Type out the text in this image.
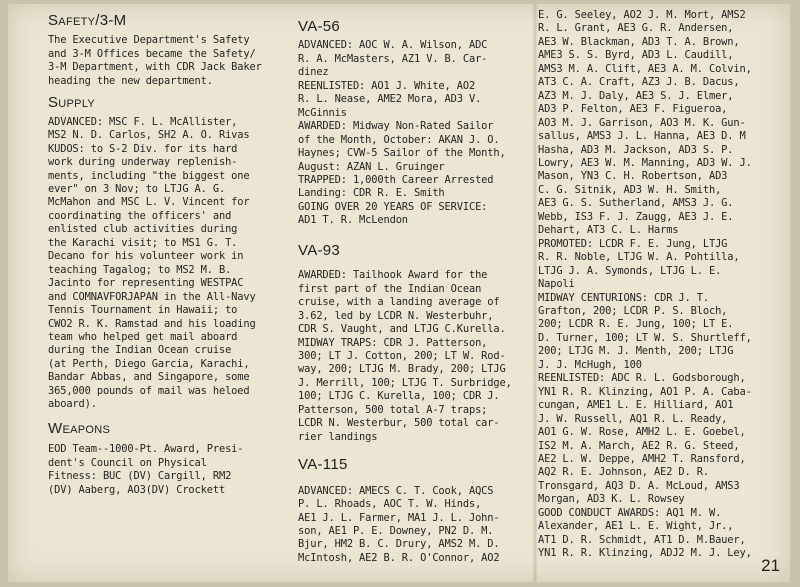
Safety/3-M
The Executive Department's Safety
and 3-M Offices became the Safety/
3-M Department, with CDR Jack Baker
heading the new department.
Supply
ADVANCED: MSC F. L. McAllister,
MS2 N. D. Carlos, SH2 A. O. Rivas
KUDOS: to S-2 Div. for its hard
work during underway replenish-
ments, including "the biggest one
ever" on 3 Nov; to LTJG A. G.
McMahon and MSC L. V. Vincent for
coordinating the officers' and
enlisted club activities during
the Karachi visit; to MS1 G. T.
Decano for his volunteer work in
teaching Tagalog; to MS2 M. B.
Jacinto for representing WESTPAC
and COMNAVFORJAPAN in the All-Navy
Tennis Tournament in Hawaii; to
CWO2 R. K. Ramstad and his loading
team who helped get mail aboard
during the Indian Ocean cruise
(at Perth, Diego Garcia, Karachi,
Bandar Abbas, and Singapore, some
365,000 pounds of mail was heloed
aboard).
Weapons
EOD Team--1000-Pt. Award, Presi-
dent's Council on Physical
Fitness: BUC (DV) Cargill, RM2
(DV) Aaberg, AO3(DV) Crockett
VA-56
ADVANCED: AOC W. A. Wilson, ADC
R. A. McMasters, AZ1 V. B. Car-
dinez
REENLISTED: AO1 J. White, AO2
R. L. Nease, AME2 Mora, AD3 V.
McGinnis
AWARDED: Midway Non-Rated Sailor
of the Month, October: AKAN J. O.
Haynes; CVW-5 Sailor of the Month,
August: AZAN L. Gruinger
TRAPPED: 1,000th Career Arrested
Landing: CDR R. E. Smith
GOING OVER 20 YEARS OF SERVICE:
AD1 T. R. McLendon
VA-93
AWARDED: Tailhook Award for the
first part of the Indian Ocean
cruise, with a landing average of
3.62, led by LCDR N. Westerbuhr,
CDR S. Vaught, and LTJG C.Kurella.
MIDWAY TRAPS: CDR J. Patterson,
300; LT J. Cotton, 200; LT W. Rod-
way, 200; LTJG M. Brady, 200; LTJG
J. Merrill, 100; LTJG T. Surbridge,
100; LTJG C. Kurella, 100; CDR J.
Patterson, 500 total A-7 traps;
LCDR N. Westerbur, 500 total car-
rier landings
VA-115
ADVANCED: AMECS C. T. Cook, AQCS
P. L. Rhoads, AOC T. W. Hinds,
AE1 J. L. Farmer, MA1 J. L. John-
son, AE1 P. E. Downey, PN2 D. M.
Bjur, HM2 B. C. Drury, AMS2 M. D.
McIntosh, AE2 B. R. O'Connor, AO2
E. G. Seeley, AO2 J. M. Mort, AMS2
R. L. Grant, AE3 G. R. Andersen,
AE3 W. Blackman, AD3 T. A. Brown,
AME3 S. S. Byrd, AD3 L. Caudill,
AMS3 M. A. Clift, AE3 A. M. Colvin,
AT3 C. A. Craft, AZ3 J. B. Dacus,
AZ3 M. J. Daly, AE3 S. J. Elmer,
AD3 P. Felton, AE3 F. Figueroa,
AO3 M. J. Garrison, AO3 M. K. Gun-
sallus, AMS3 J. L. Hanna, AE3 D. M
Hasha, AD3 M. Jackson, AD3 S. P.
Lowry, AE3 W. M. Manning, AD3 W. J.
Mason, YN3 C. H. Robertson, AD3
C. G. Sitnik, AD3 W. H. Smith,
AE3 G. S. Sutherland, AMS3 J. G.
Webb, IS3 F. J. Zaugg, AE3 J. E.
Dehart, AT3 C. L. Harms
PROMOTED: LCDR F. E. Jung, LTJG
R. R. Noble, LTJG W. A. Pohtilla,
LTJG J. A. Symonds, LTJG L. E.
Napoli
MIDWAY CENTURIONS: CDR J. T.
Grafton, 200; LCDR P. S. Bloch,
200; LCDR R. E. Jung, 100; LT E.
D. Turner, 100; LT W. S. Shurtleff,
200; LTJG M. J. Menth, 200; LTJG
J. J. McHugh, 100
REENLISTED: ADC R. L. Godsborough,
YN1 R. R. Klinzing, AO1 P. A. Caba-
cungan, AME1 L. E. Hilliard, AO1
J. W. Russell, AQ1 R. L. Ready,
AO1 G. W. Rose, AMH2 L. E. Goebel,
IS2 M. A. March, AE2 R. G. Steed,
AE2 L. W. Deppe, AMH2 T. Ransford,
AQ2 R. E. Johnson, AE2 D. R.
Tronsgard, AQ3 D. A. McLoud, AMS3
Morgan, AD3 K. L. Rowsey
GOOD CONDUCT AWARDS: AQ1 M. W.
Alexander, AE1 L. E. Wight, Jr.,
AT1 D. R. Schmidt, AT1 D. M.Bauer,
YN1 R. R. Klinzing, ADJ2 M. J. Ley,
21
